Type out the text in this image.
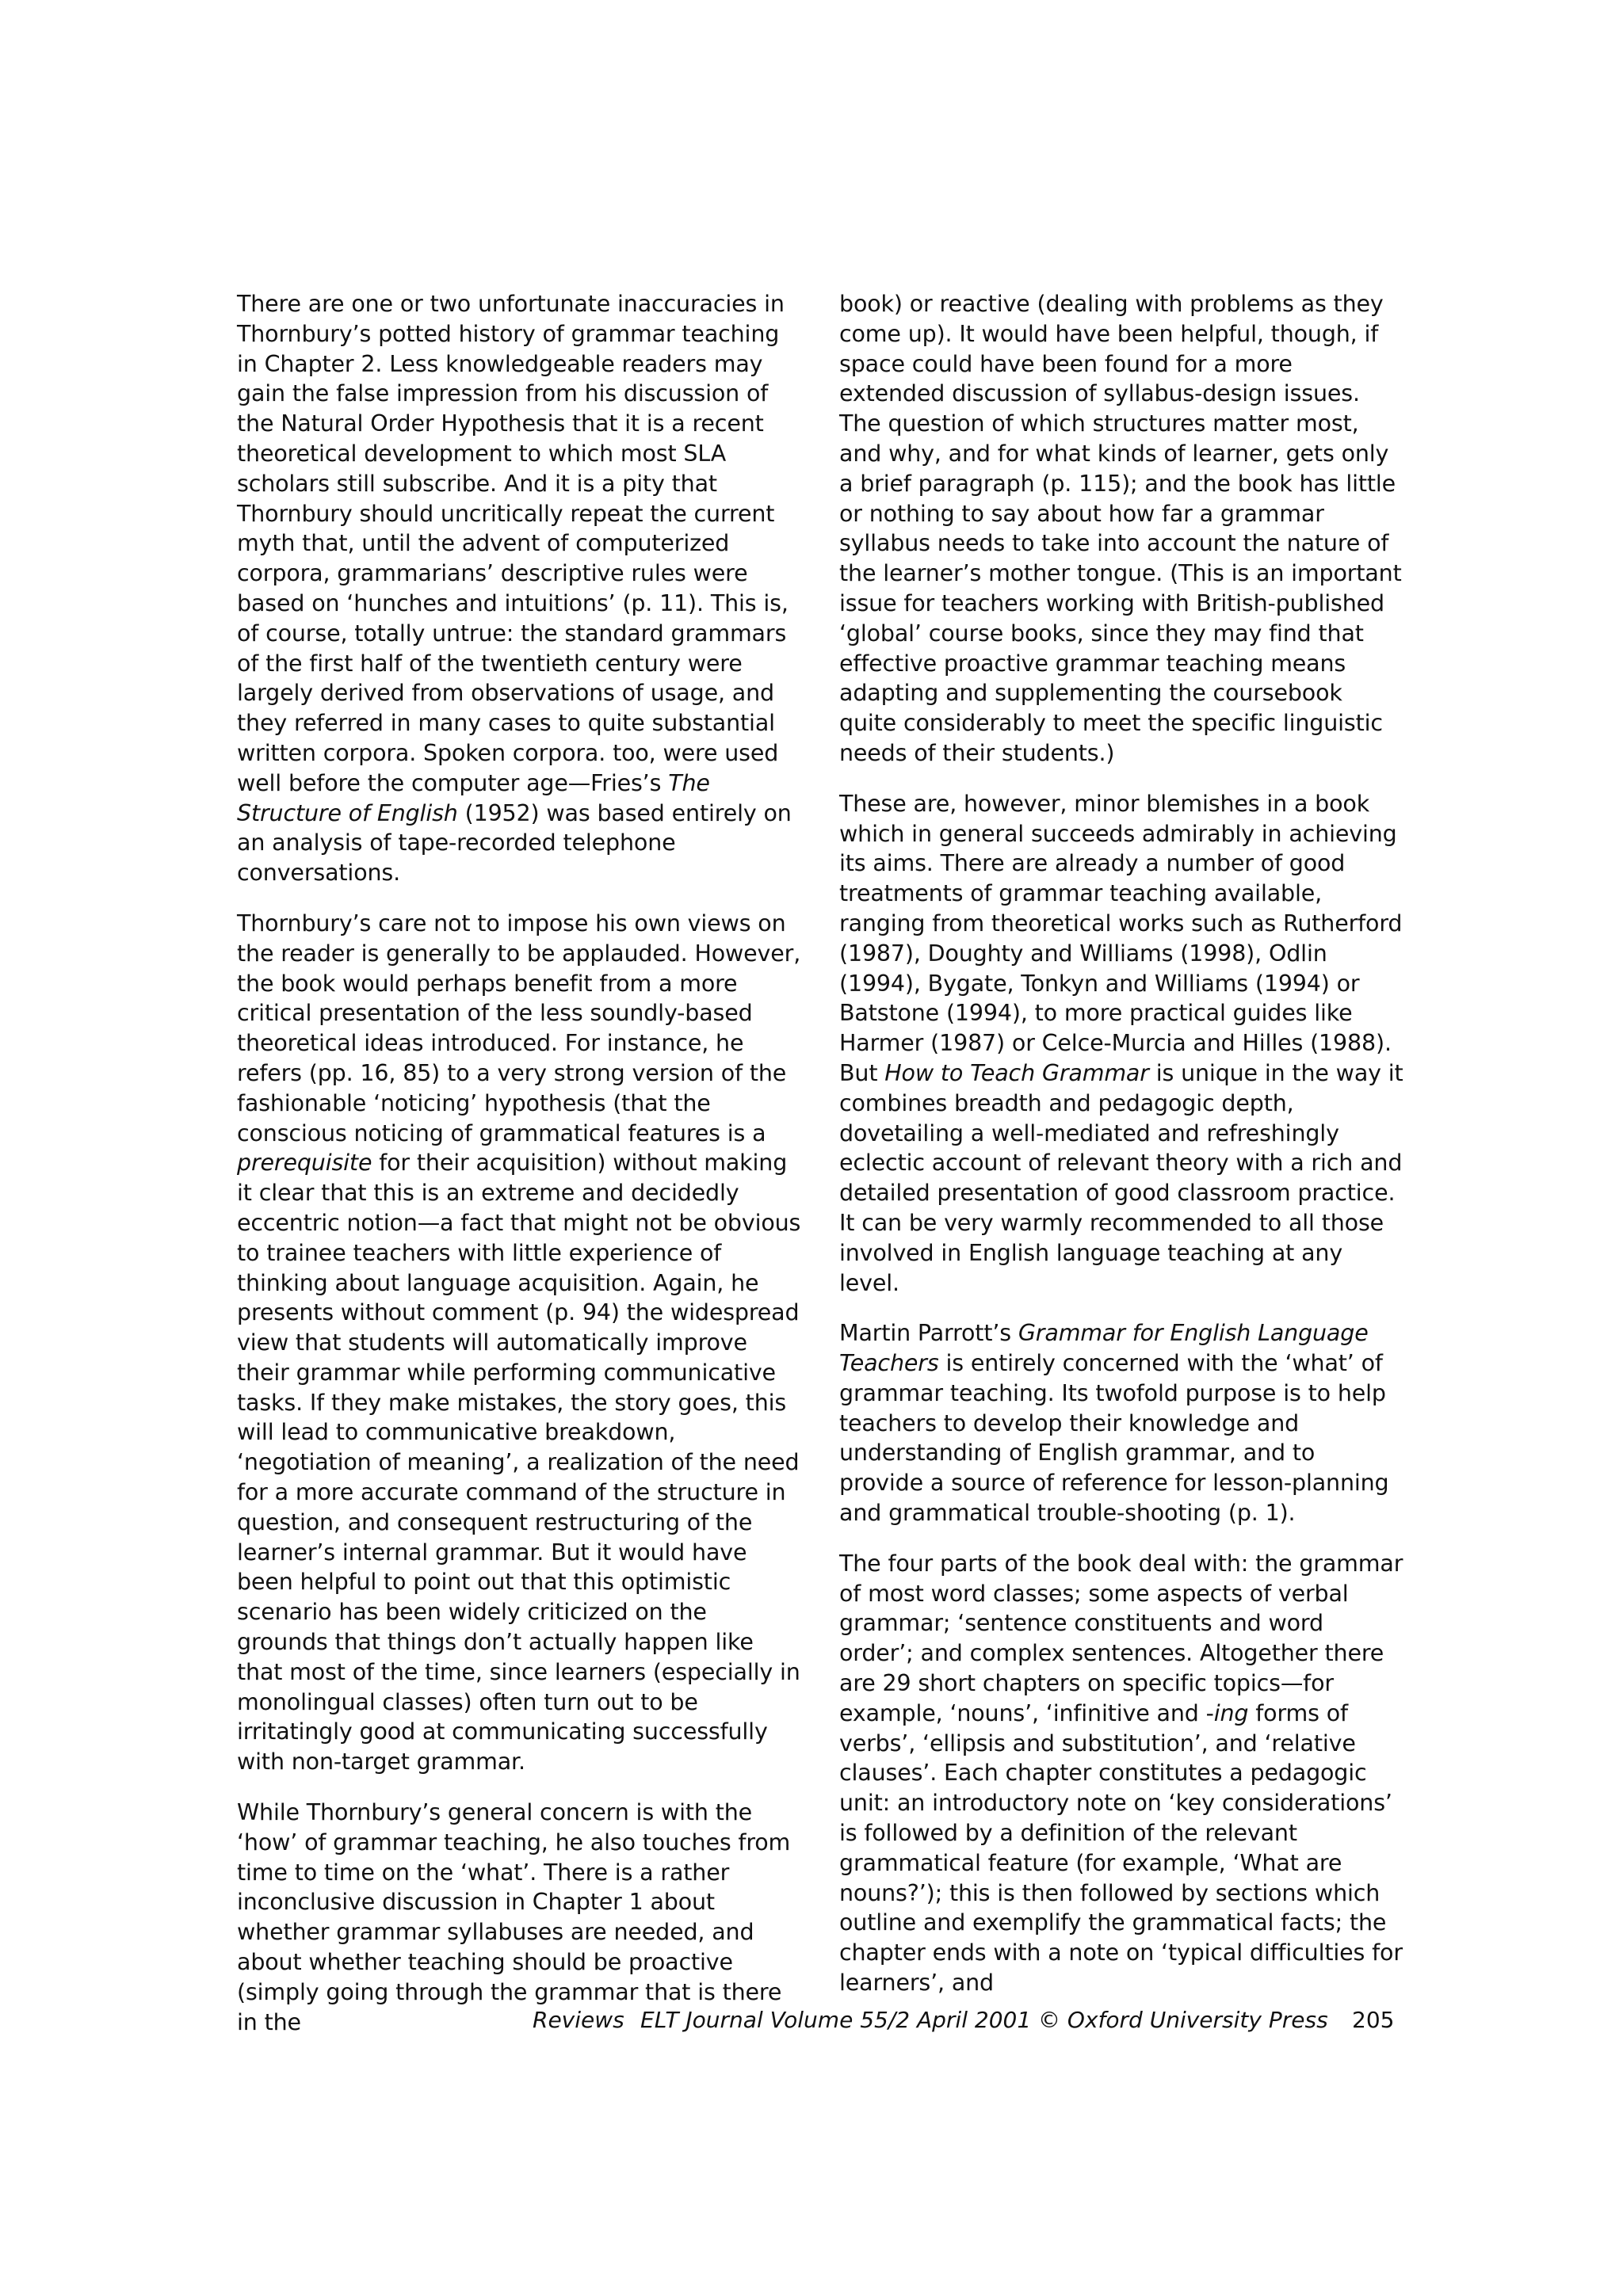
There are one or two unfortunate inaccuracies in Thornbury’s potted history of grammar teaching in Chapter 2. Less knowledgeable readers may gain the false impression from his discussion of the Natural Order Hypothesis that it is a recent theoretical development to which most SLA scholars still subscribe. And it is a pity that Thornbury should uncritically repeat the current myth that, until the advent of computerized corpora, grammarians’ descriptive rules were based on ‘hunches and intuitions’ (p. 11). This is, of course, totally untrue: the standard grammars of the first half of the twentieth century were largely derived from observations of usage, and they referred in many cases to quite substantial written corpora. Spoken corpora. too, were used well before the computer age—Fries’s The Structure of English (1952) was based entirely on an analysis of tape-recorded telephone conversations.

Thornbury’s care not to impose his own views on the reader is generally to be applauded. However, the book would perhaps benefit from a more critical presentation of the less soundly-based theoretical ideas introduced. For instance, he refers (pp. 16, 85) to a very strong version of the fashionable ‘noticing’ hypothesis (that the conscious noticing of grammatical features is a prerequisite for their acquisition) without making it clear that this is an extreme and decidedly eccentric notion—a fact that might not be obvious to trainee teachers with little experience of thinking about language acquisition. Again, he presents without comment (p. 94) the widespread view that students will automatically improve their grammar while performing communicative tasks. If they make mistakes, the story goes, this will lead to communicative breakdown, ‘negotiation of meaning’, a realization of the need for a more accurate command of the structure in question, and consequent restructuring of the learner’s internal grammar. But it would have been helpful to point out that this optimistic scenario has been widely criticized on the grounds that things don’t actually happen like that most of the time, since learners (especially in monolingual classes) often turn out to be irritatingly good at communicating successfully with non-target grammar.

While Thornbury’s general concern is with the ‘how’ of grammar teaching, he also touches from time to time on the ‘what’. There is a rather inconclusive discussion in Chapter 1 about whether grammar syllabuses are needed, and about whether teaching should be proactive (simply going through the grammar that is there in the

book) or reactive (dealing with problems as they come up). It would have been helpful, though, if space could have been found for a more extended discussion of syllabus-design issues. The question of which structures matter most, and why, and for what kinds of learner, gets only a brief paragraph (p. 115); and the book has little or nothing to say about how far a grammar syllabus needs to take into account the nature of the learner’s mother tongue. (This is an important issue for teachers working with British-published ‘global’ course books, since they may find that effective proactive grammar teaching means adapting and supplementing the coursebook quite considerably to meet the specific linguistic needs of their students.)

These are, however, minor blemishes in a book which in general succeeds admirably in achieving its aims. There are already a number of good treatments of grammar teaching available, ranging from theoretical works such as Rutherford (1987), Doughty and Williams (1998), Odlin (1994), Bygate, Tonkyn and Williams (1994) or Batstone (1994), to more practical guides like Harmer (1987) or Celce-Murcia and Hilles (1988). But How to Teach Grammar is unique in the way it combines breadth and pedagogic depth, dovetailing a well-mediated and refreshingly eclectic account of relevant theory with a rich and detailed presentation of good classroom practice. It can be very warmly recommended to all those involved in English language teaching at any level.

Martin Parrott’s Grammar for English Language Teachers is entirely concerned with the ‘what’ of grammar teaching. Its twofold purpose is to help teachers to develop their knowledge and understanding of English grammar, and to provide a source of reference for lesson-planning and grammatical trouble-shooting (p. 1).

The four parts of the book deal with: the grammar of most word classes; some aspects of verbal grammar; ‘sentence constituents and word order’; and complex sentences. Altogether there are 29 short chapters on specific topics—for example, ‘nouns’, ‘infinitive and -ing forms of verbs’, ‘ellipsis and substitution’, and ‘relative clauses’. Each chapter constitutes a pedagogic unit: an introductory note on ‘key considerations’ is followed by a definition of the relevant grammatical feature (for example, ‘What are nouns?’); this is then followed by sections which outline and exemplify the grammatical facts; the chapter ends with a note on ‘typical difficulties for learners’, and

Reviews ELT Journal Volume 55/2 April 2001 © Oxford University Press 205
